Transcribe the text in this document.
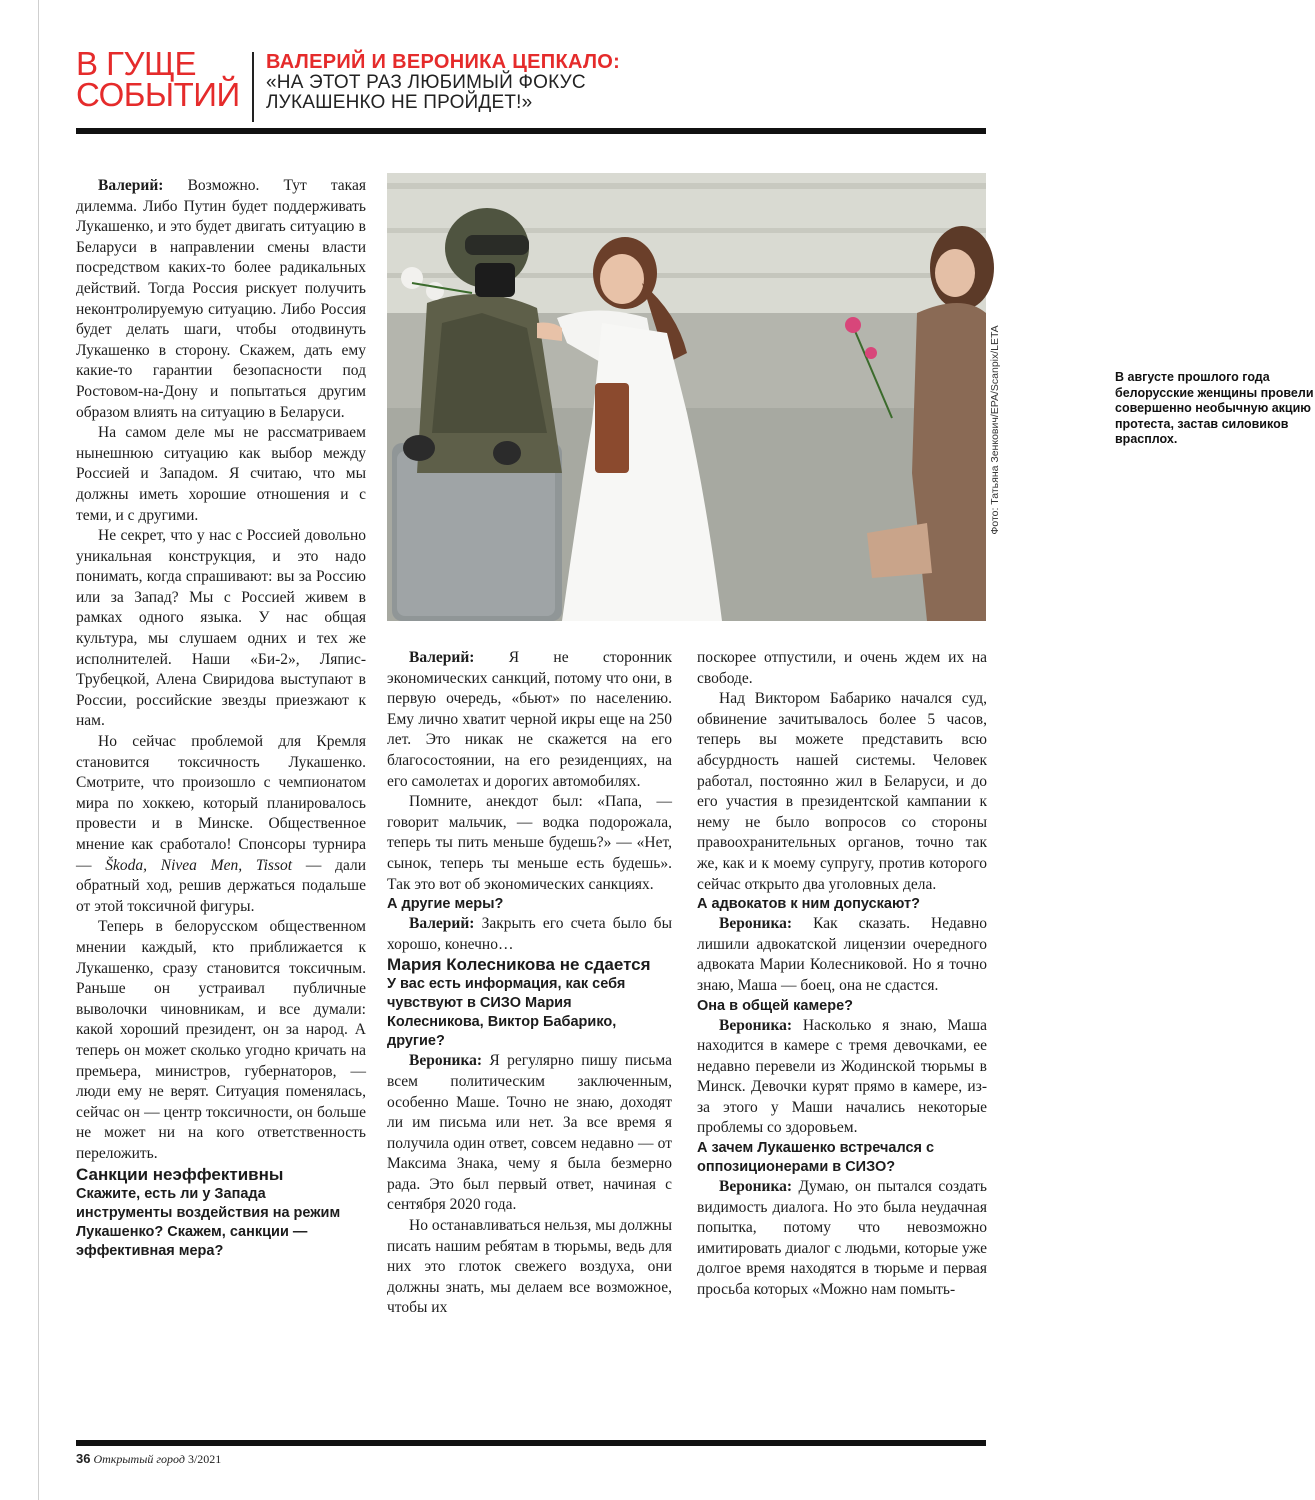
В ГУЩЕ
СОБЫТИЙ
ВАЛЕРИЙ И ВЕРОНИКА ЦЕПКАЛО:
«НА ЭТОТ РАЗ ЛЮБИМЫЙ ФОКУС
ЛУКАШЕНКО НЕ ПРОЙДЕТ!»
В августе прошлого года белорусские женщины провели совершенно необычную акцию протеста, застав силовиков врасплох.
Фото: Татьяна Зенкович/EPA/Scanpix/LETA

Валерий: Возможно. Тут такая дилемма. Либо Путин будет поддерживать Лукашенко, и это будет двигать ситуацию в Беларуси в направлении смены власти посредством каких-то более радикальных действий. Тогда Россия рискует получить неконтролируемую ситуацию. Либо Россия будет делать шаги, чтобы отодвинуть Лукашенко в сторону. Скажем, дать ему какие-то гарантии безопасности под Ростовом-на-Дону и попытаться другим образом влиять на ситуацию в Беларуси.

На самом деле мы не рассматриваем нынешнюю ситуацию как выбор между Россией и Западом. Я считаю, что мы должны иметь хорошие отношения и с теми, и с другими.

Не секрет, что у нас с Россией довольно уникальная конструкция, и это надо понимать, когда спрашивают: вы за Россию или за Запад? Мы с Россией живем в рамках одного языка. У нас общая культура, мы слушаем одних и тех же исполнителей. Наши «Би-2», Ляпис-Трубецкой, Алена Свиридова выступают в России, российские звезды приезжают к нам.

Но сейчас проблемой для Кремля становится токсичность Лукашенко. Смотрите, что произошло с чемпионатом мира по хоккею, который планировалось провести и в Минске. Общественное мнение как сработало! Спонсоры турнира — Škoda, Nivea Men, Tissot — дали обратный ход, решив держаться подальше от этой токсичной фигуры.

Теперь в белорусском общественном мнении каждый, кто приближается к Лукашенко, сразу становится токсичным. Раньше он устраивал публичные выволочки чиновникам, и все думали: какой хороший президент, он за народ. А теперь он может сколько угодно кричать на премьера, министров, губернаторов, — люди ему не верят. Ситуация поменялась, сейчас он — центр токсичности, он больше не может ни на кого ответственность переложить.

Санкции неэффективны

Скажите, есть ли у Запада инструменты воздействия на режим Лукашенко? Скажем, санкции — эффективная мера?

Валерий: Я не сторонник экономических санкций, потому что они, в первую очередь, «бьют» по населению. Ему лично хватит черной икры еще на 250 лет. Это никак не скажется на его благосостоянии, на его резиденциях, на его самолетах и дорогих автомобилях.

Помните, анекдот был: «Папа, — говорит мальчик, — водка подорожала, теперь ты пить меньше будешь?» — «Нет, сынок, теперь ты меньше есть будешь». Так это вот об экономических санкциях.

А другие меры?

Валерий: Закрыть его счета было бы хорошо, конечно…

Мария Колесникова не сдается

У вас есть информация, как себя чувствуют в СИЗО Мария Колесникова, Виктор Бабарико, другие?

Вероника: Я регулярно пишу письма всем политическим заключенным, особенно Маше. Точно не знаю, доходят ли им письма или нет. За все время я получила один ответ, совсем недавно — от Максима Знака, чему я была безмерно рада. Это был первый ответ, начиная с сентября 2020 года.

Но останавливаться нельзя, мы должны писать нашим ребятам в тюрьмы, ведь для них это глоток свежего воздуха, они должны знать, мы делаем все возможное, чтобы их

поскорее отпустили, и очень ждем их на свободе.

Над Виктором Бабарико начался суд, обвинение зачитывалось более 5 часов, теперь вы можете представить всю абсурдность нашей системы. Человек работал, постоянно жил в Беларуси, и до его участия в президентской кампании к нему не было вопросов со стороны правоохранительных органов, точно так же, как и к моему супругу, против которого сейчас открыто два уголовных дела.

А адвокатов к ним допускают?

Вероника: Как сказать. Недавно лишили адвокатской лицензии очередного адвоката Марии Колесниковой. Но я точно знаю, Маша — боец, она не сдастся.

Она в общей камере?

Вероника: Насколько я знаю, Маша находится в камере с тремя девочками, ее недавно перевели из Жодинской тюрьмы в Минск. Девочки курят прямо в камере, из-за этого у Маши начались некоторые проблемы со здоровьем.

А зачем Лукашенко встречался с оппозиционерами в СИЗО?

Вероника: Думаю, он пытался создать видимость диалога. Но это была неудачная попытка, потому что невозможно имитировать диалог с людьми, которые уже долгое время находятся в тюрьме и первая просьба которых «Можно нам помыть-

36 Открытый город 3/2021
